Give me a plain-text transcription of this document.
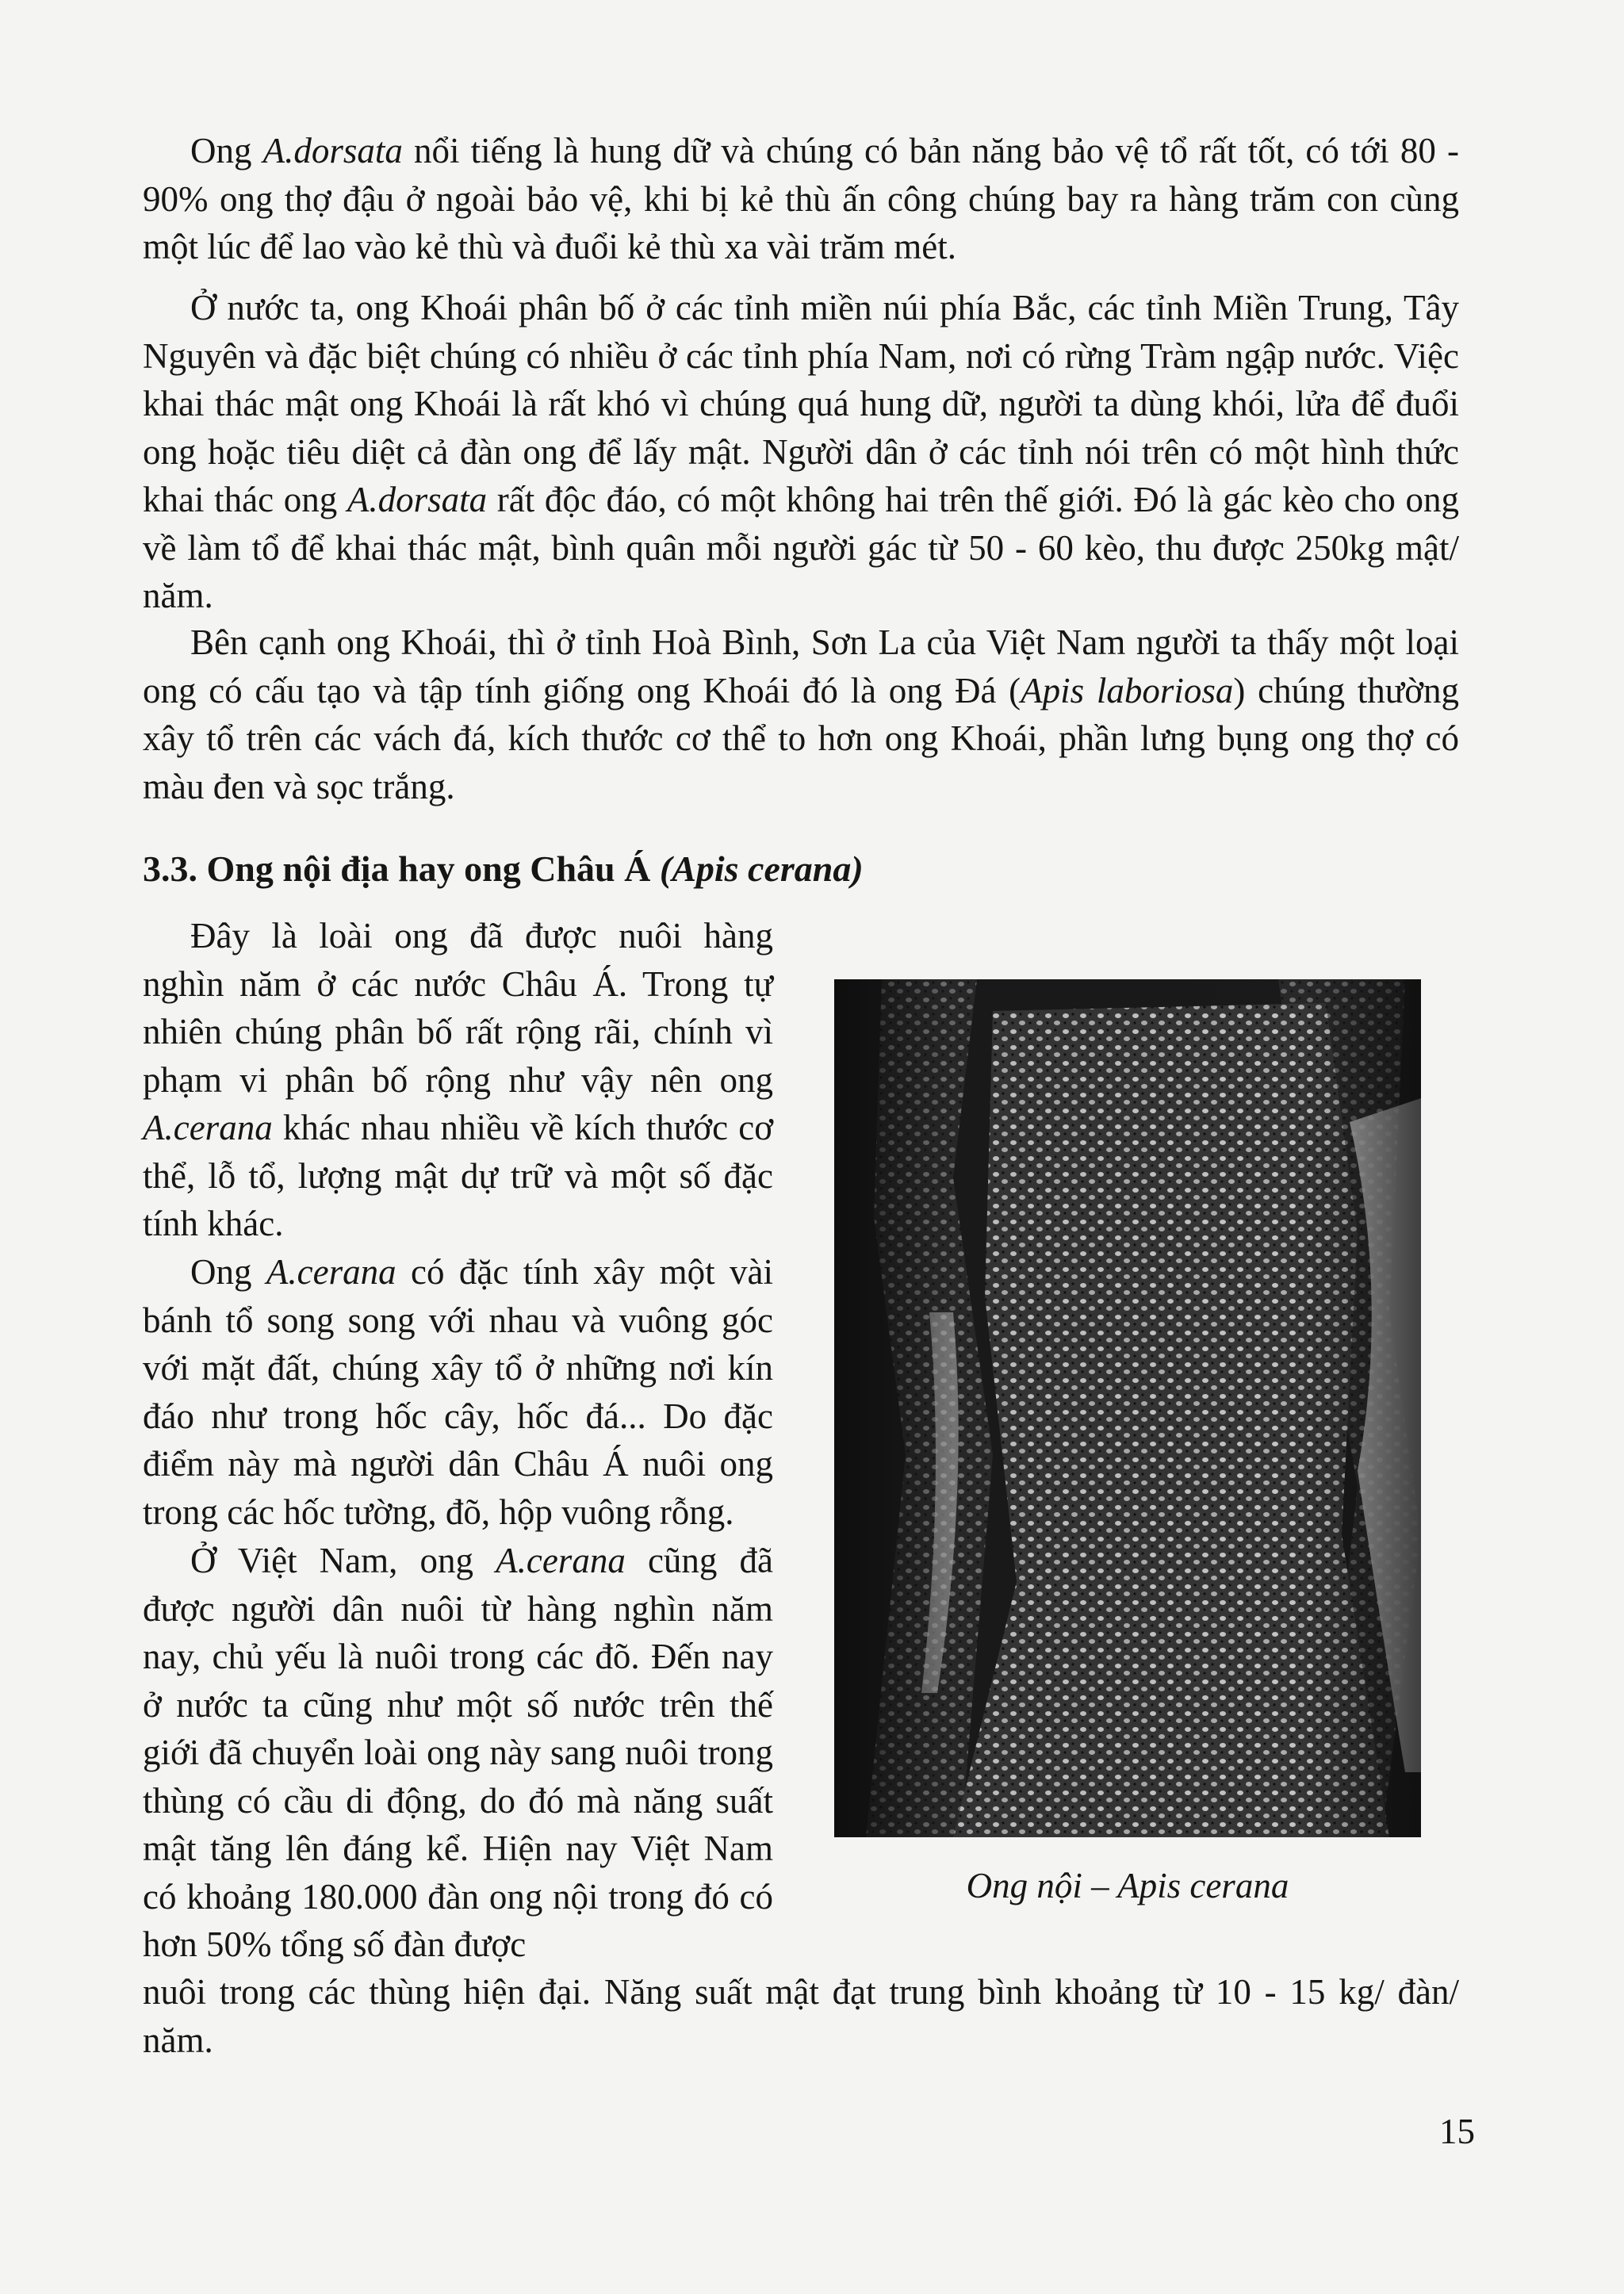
Ong A.dorsata nổi tiếng là hung dữ và chúng có bản năng bảo vệ tổ rất tốt, có tới 80 - 90% ong thợ đậu ở ngoài bảo vệ, khi bị kẻ thù ấn công chúng bay ra hàng trăm con cùng một lúc để lao vào kẻ thù và đuổi kẻ thù xa vài trăm mét.

Ở nước ta, ong Khoái phân bố ở các tỉnh miền núi phía Bắc, các tỉnh Miền Trung, Tây Nguyên và đặc biệt chúng có nhiều ở các tỉnh phía Nam, nơi có rừng Tràm ngập nước. Việc khai thác mật ong Khoái là rất khó vì chúng quá hung dữ, người ta dùng khói, lửa để đuổi ong hoặc tiêu diệt cả đàn ong để lấy mật. Người dân ở các tỉnh nói trên có một hình thức khai thác ong A.dorsata rất độc đáo, có một không hai trên thế giới. Đó là gác kèo cho ong về làm tổ để khai thác mật, bình quân mỗi người gác từ 50 - 60 kèo, thu được 250kg mật/ năm.

Bên cạnh ong Khoái, thì ở tỉnh Hoà Bình, Sơn La của Việt Nam người ta thấy một loại ong có cấu tạo và tập tính giống ong Khoái đó là ong Đá (Apis laboriosa) chúng thường xây tổ trên các vách đá, kích thước cơ thể to hơn ong Khoái, phần lưng bụng ong thợ có màu đen và sọc trắng.

3.3. Ong nội địa hay ong Châu Á (Apis cerana)

Đây là loài ong đã được nuôi hàng nghìn năm ở các nước Châu Á. Trong tự nhiên chúng phân bố rất rộng rãi, chính vì phạm vi phân bố rộng như vậy nên ong A.cerana khác nhau nhiều về kích thước cơ thể, lỗ tổ, lượng mật dự trữ và một số đặc tính khác.

Ong A.cerana có đặc tính xây một vài bánh tổ song song với nhau và vuông góc với mặt đất, chúng xây tổ ở những nơi kín đáo như trong hốc cây, hốc đá... Do đặc điểm này mà người dân Châu Á nuôi ong trong các hốc tường, đõ, hộp vuông rỗng.

Ở Việt Nam, ong A.cerana cũng đã được người dân nuôi từ hàng nghìn năm nay, chủ yếu là nuôi trong các đõ. Đến nay ở nước ta cũng như một số nước trên thế giới đã chuyển loài ong này sang nuôi trong thùng có cầu di động, do đó mà năng suất mật tăng lên đáng kể. Hiện nay Việt Nam có khoảng 180.000 đàn ong nội trong đó có hơn 50% tổng số đàn được

nuôi trong các thùng hiện đại. Năng suất mật đạt trung bình khoảng từ 10 - 15 kg/ đàn/ năm.

Ong nội – Apis cerana

15
